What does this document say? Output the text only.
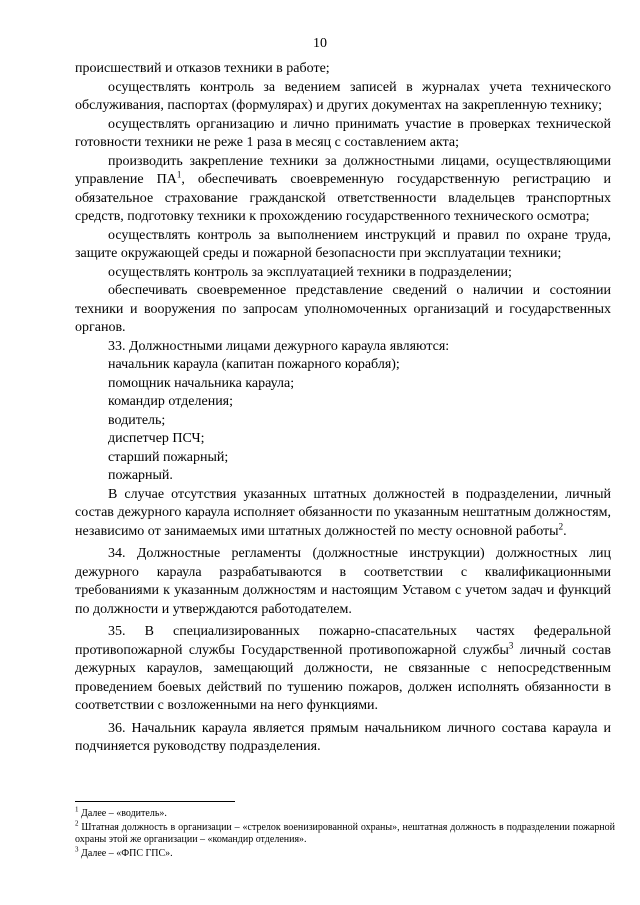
10

происшествий и отказов техники в работе;

осуществлять контроль за ведением записей в журналах учета технического обслуживания, паспортах (формулярах) и других документах на закрепленную технику;

осуществлять организацию и лично принимать участие в проверках технической готовности техники не реже 1 раза в месяц с составлением акта;

производить закрепление техники за должностными лицами, осуществляющими управление $ПА^1$, обеспечивать своевременную государственную регистрацию и обязательное страхование гражданской ответственности владельцев транспортных средств, подготовку техники к прохождению государственного технического осмотра;

осуществлять контроль за выполнением инструкций и правил по охране труда, защите окружающей среды и пожарной безопасности при эксплуатации техники;

осуществлять контроль за эксплуатацией техники в подразделении;

обеспечивать своевременное представление сведений о наличии и состоянии техники и вооружения по запросам уполномоченных организаций и государственных органов.

33. Должностными лицами дежурного караула являются:

начальник караула (капитан пожарного корабля);

помощник начальника караула;

командир отделения;

водитель;

диспетчер ПСЧ;

старший пожарный;

пожарный.

В случае отсутствия указанных штатных должностей в подразделении, личный состав дежурного караула исполняет обязанности по указанным нештатным должностям, независимо от занимаемых ими штатных должностей по месту основной работы$^2$.

34. Должностные регламенты (должностные инструкции) должностных лиц дежурного караула разрабатываются в соответствии с квалификационными требованиями к указанным должностям и настоящим Уставом с учетом задач и функций по должности и утверждаются работодателем.

35. В специализированных пожарно-спасательных частях федеральной противопожарной службы Государственной противопожарной службы$^3$ личный состав дежурных караулов, замещающий должности, не связанные с непосредственным проведением боевых действий по тушению пожаров, должен исполнять обязанности в соответствии с возложенными на него функциями.

36. Начальник караула является прямым начальником личного состава караула и подчиняется руководству подразделения.

$^1$ Далее – «водитель».

$^2$ Штатная должность в организации – «стрелок военизированной охраны», нештатная должность в подразделении пожарной охраны этой же организации – «командир отделения».

$^3$ Далее – «ФПС ГПС».
